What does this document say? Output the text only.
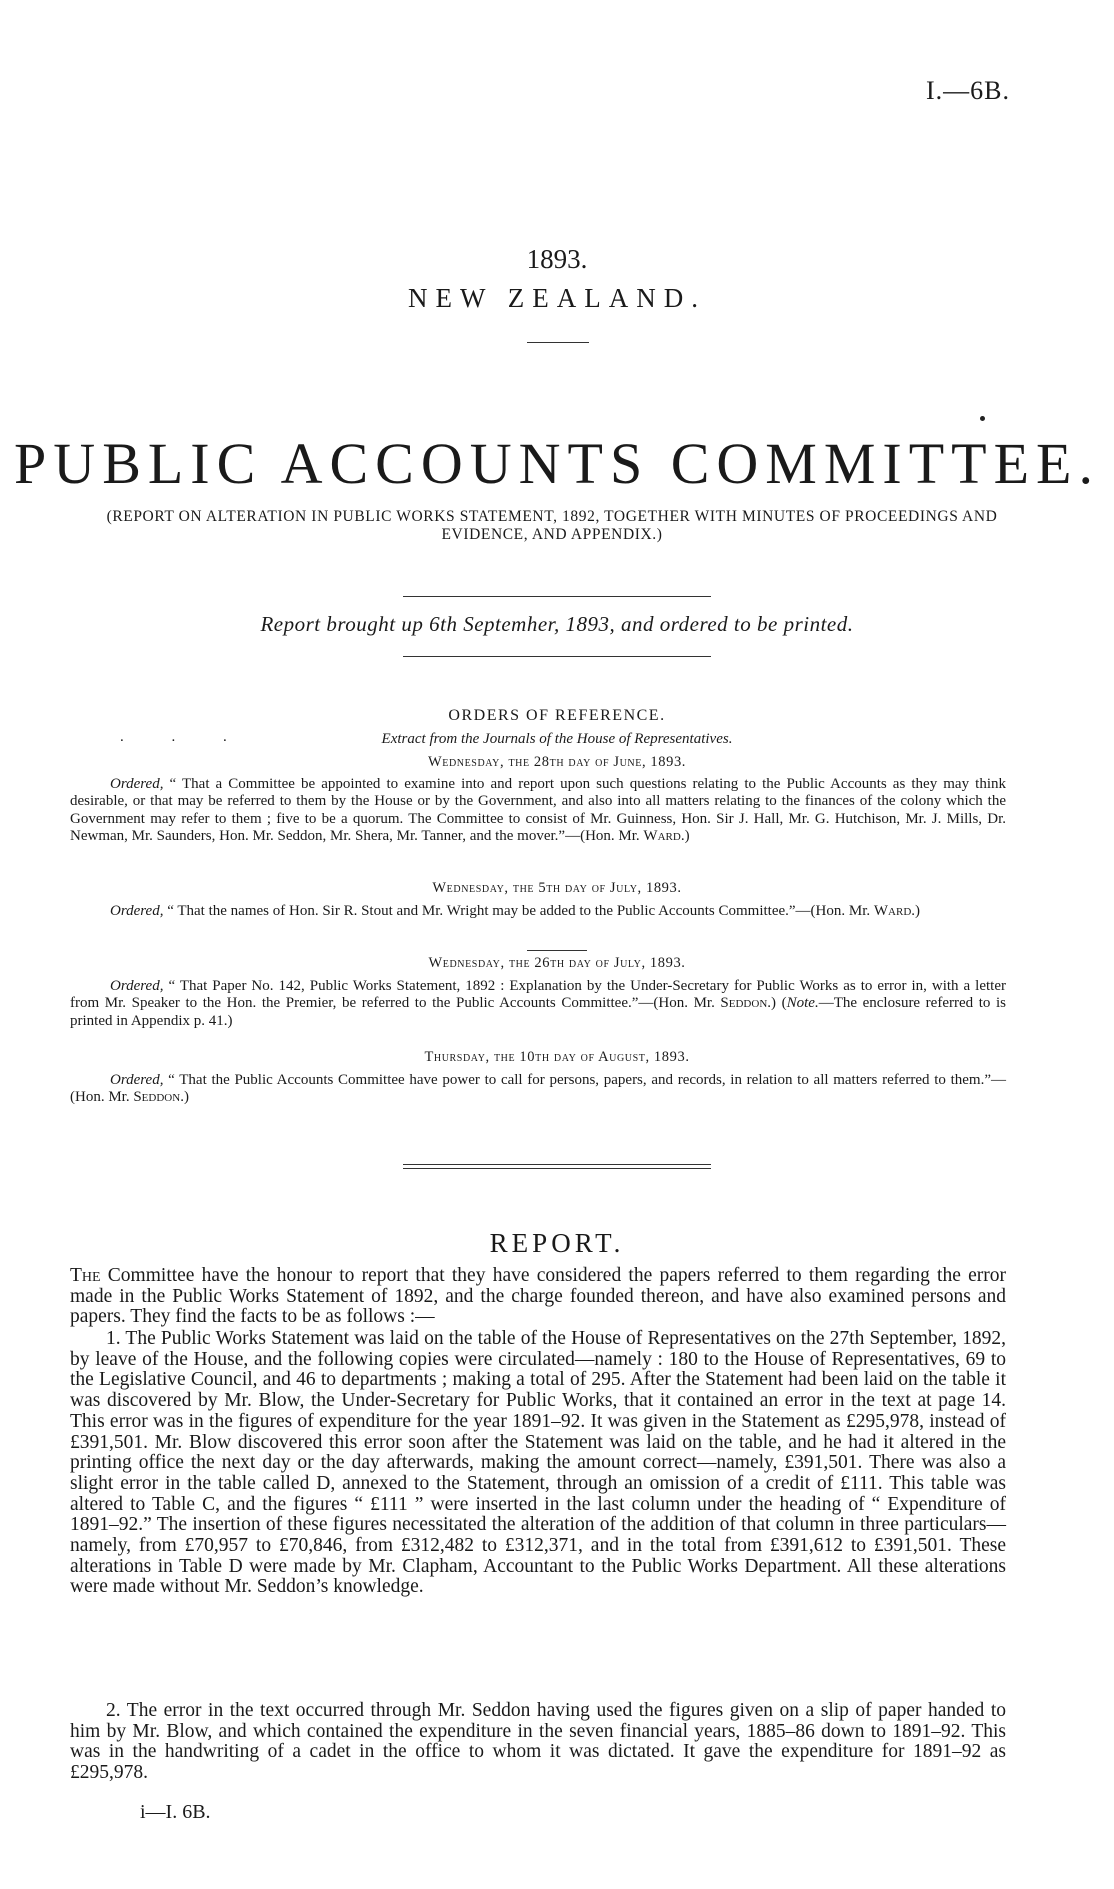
I.—6B.
1893.
NEW ZEALAND.
PUBLIC ACCOUNTS COMMITTEE.
(REPORT ON ALTERATION IN PUBLIC WORKS STATEMENT, 1892, TOGETHER WITH MINUTES OF PROCEEDINGS AND EVIDENCE, AND APPENDIX.)
Report brought up 6th Septemher, 1893, and ordered to be printed.
ORDERS OF REFERENCE.
. . .	Extract from the Journals of the House of Representatives.
Wednesday, the 28th day of June, 1893.

Ordered, “ That a Committee be appointed to examine into and report upon such questions relating to the Public Accounts as they may think desirable, or that may be referred to them by the House or by the Government, and also into all matters relating to the finances of the colony which the Government may refer to them ; five to be a quorum. The Committee to consist of Mr. Guinness, Hon. Sir J. Hall, Mr. G. Hutchison, Mr. J. Mills, Dr. Newman, Mr. Saunders, Hon. Mr. Seddon, Mr. Shera, Mr. Tanner, and the mover.”—(Hon. Mr. Ward.)

Wednesday, the 5th day of July, 1893.

Ordered, “ That the names of Hon. Sir R. Stout and Mr. Wright may be added to the Public Accounts Committee.”—(Hon. Mr. Ward.)

Wednesday, the 26th day of July, 1893.

Ordered, “ That Paper No. 142, Public Works Statement, 1892 : Explanation by the Under-Secretary for Public Works as to error in, with a letter from Mr. Speaker to the Hon. the Premier, be referred to the Public Accounts Committee.”—(Hon. Mr. Seddon.) (Note.—The enclosure referred to is printed in Appendix p. 41.)

Thursday, the 10th day of August, 1893.

Ordered, “ That the Public Accounts Committee have power to call for persons, papers, and records, in relation to all matters referred to them.”—(Hon. Mr. Seddon.)

REPORT.

The Committee have the honour to report that they have considered the papers referred to them regarding the error made in the Public Works Statement of 1892, and the charge founded thereon, and have also examined persons and papers. They find the facts to be as follows :—

1. The Public Works Statement was laid on the table of the House of Representatives on the 27th September, 1892, by leave of the House, and the following copies were circulated—namely : 180 to the House of Representatives, 69 to the Legislative Council, and 46 to departments ; making a total of 295. After the Statement had been laid on the table it was discovered by Mr. Blow, the Under-Secretary for Public Works, that it contained an error in the text at page 14. This error was in the figures of expenditure for the year 1891–92. It was given in the Statement as £295,978, instead of £391,501. Mr. Blow discovered this error soon after the Statement was laid on the table, and he had it altered in the printing office the next day or the day afterwards, making the amount correct—namely, £391,501. There was also a slight error in the table called D, annexed to the Statement, through an omission of a credit of £111. This table was altered to Table C, and the figures “ £111 ” were inserted in the last column under the heading of “ Expenditure of 1891–92.” The insertion of these figures necessitated the alteration of the addition of that column in three particulars—namely, from £70,957 to £70,846, from £312,482 to £312,371, and in the total from £391,612 to £391,501. These alterations in Table D were made by Mr. Clapham, Accountant to the Public Works Department. All these alterations were made without Mr. Seddon’s knowledge.

2. The error in the text occurred through Mr. Seddon having used the figures given on a slip of paper handed to him by Mr. Blow, and which contained the expenditure in the seven financial years, 1885–86 down to 1891–92. This was in the handwriting of a cadet in the office to whom it was dictated. It gave the expenditure for 1891–92 as £295,978.

i—I. 6B.
